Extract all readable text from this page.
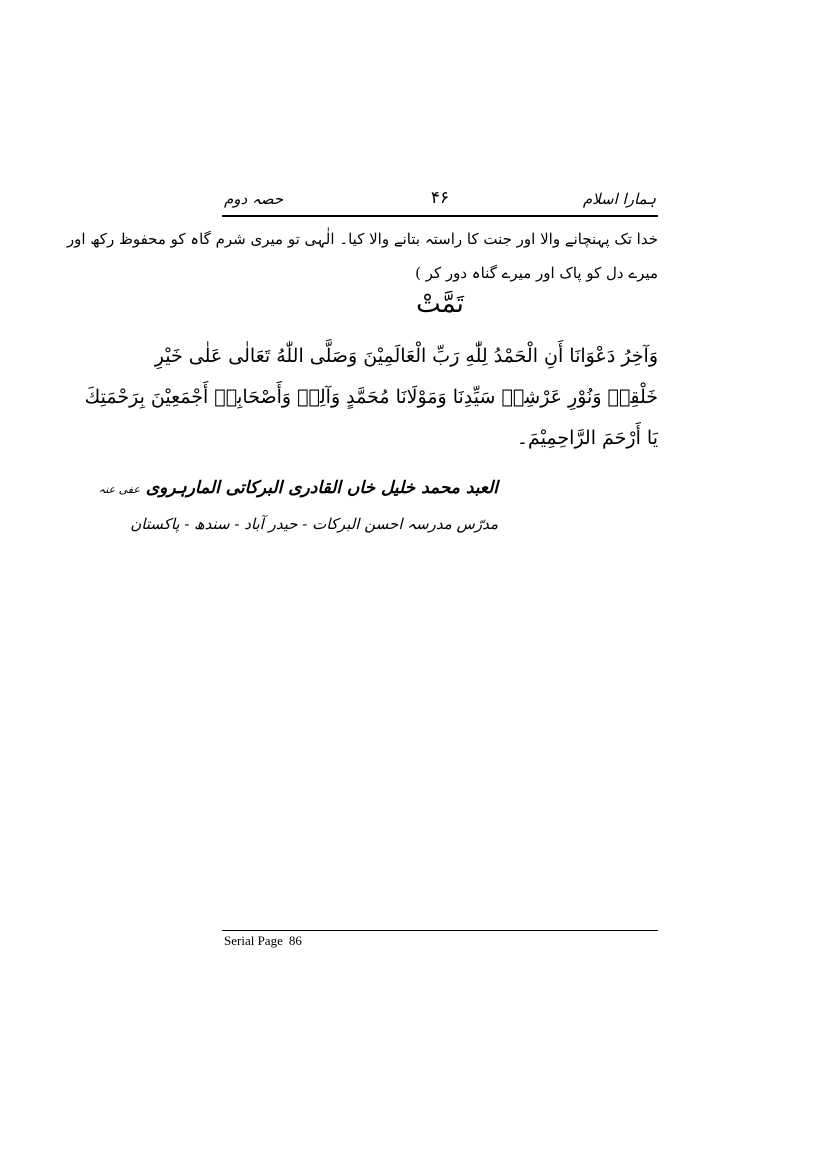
حصہ دوم	۴۶	ہمارا اسلام
خدا تک پہنچانے والا اور جنت کا راستہ بتانے والا کیا۔ الٰہی تو میری شرم گاہ کو محفوظ رکھ اور
میرے دل کو پاک اور میرے گناہ دور کر )
تَمَّتْ
وَآخِرُ دَعْوَانَا أَنِ الْحَمْدُ لِلّٰهِ رَبِّ الْعَالَمِيْنَ وَصَلَّى اللّٰهُ تَعَالٰى عَلٰى خَيْرِ
خَلْقِهٖ وَنُوْرِ عَرْشِهٖ سَيِّدِنَا وَمَوْلَانَا مُحَمَّدٍ وَآلِهٖ وَأَصْحَابِهٖ أَجْمَعِيْنَ بِرَحْمَتِكَ
يَا أَرْحَمَ الرَّاحِمِيْمَ۔
العبد محمد خلیل خاں القادری البرکاتی المارہروی عفی عنہ
مدرّس مدرسہ احسن البرکات - حیدر آباد - سندھ - پاکستان
Serial Page 86
